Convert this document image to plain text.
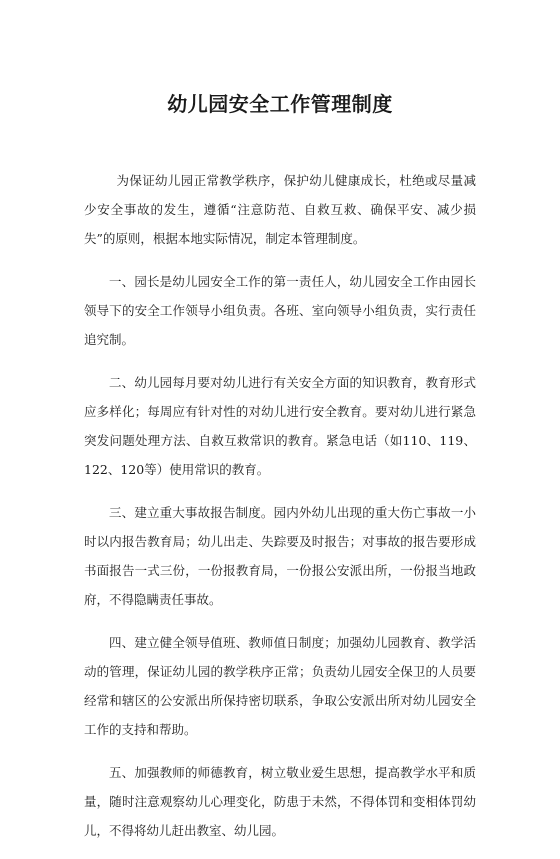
幼儿园安全工作管理制度

为保证幼儿园正常教学秩序，保护幼儿健康成长，杜绝或尽量减少安全事故的发生，遵循“注意防范、自救互救、确保平安、减少损失”的原则，根据本地实际情况，制定本管理制度。

一、园长是幼儿园安全工作的第一责任人，幼儿园安全工作由园长领导下的安全工作领导小组负责。各班、室向领导小组负责，实行责任追究制。

二、幼儿园每月要对幼儿进行有关安全方面的知识教育，教育形式应多样化；每周应有针对性的对幼儿进行安全教育。要对幼儿进行紧急突发问题处理方法、自救互救常识的教育。紧急电话（如110、119、122、120等）使用常识的教育。

三、建立重大事故报告制度。园内外幼儿出现的重大伤亡事故一小时以内报告教育局；幼儿出走、失踪要及时报告；对事故的报告要形成书面报告一式三份，一份报教育局，一份报公安派出所，一份报当地政府，不得隐瞒责任事故。

四、建立健全领导值班、教师值日制度；加强幼儿园教育、教学活动的管理，保证幼儿园的教学秩序正常；负责幼儿园安全保卫的人员要经常和辖区的公安派出所保持密切联系，争取公安派出所对幼儿园安全工作的支持和帮助。

五、加强教师的师德教育，树立敬业爱生思想，提高教学水平和质量，随时注意观察幼儿心理变化，防患于未然，不得体罚和变相体罚幼儿，不得将幼儿赶出教室、幼儿园。
